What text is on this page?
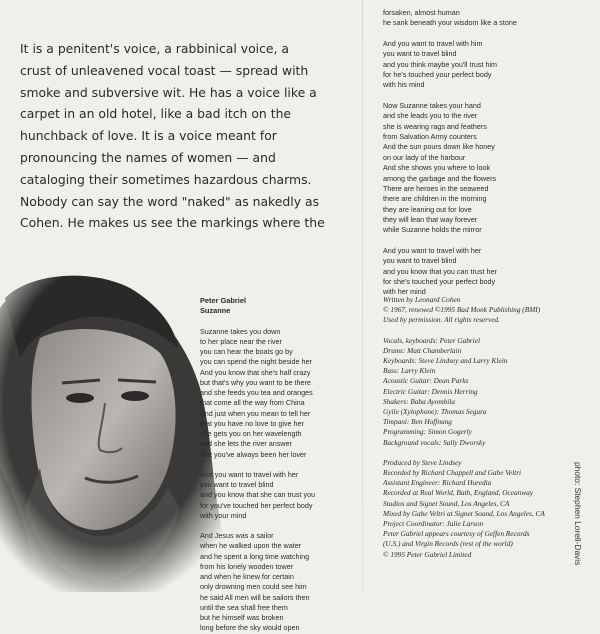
It is a penitent's voice, a rabbinical voice, a
crust of unleavened vocal toast — spread with
smoke and subversive wit. He has a voice like a
carpet in an old hotel, like a bad itch on the
hunchback of love. It is a voice meant for
pronouncing the names of women — and
cataloging their sometimes hazardous charms.
Nobody can say the word "naked" as nakedly as
Cohen. He makes us see the markings where the
Peter Gabriel
Suzanne
Suzanne takes you down
to her place near the river
you can hear the boats go by
you can spend the night beside her
And you know that she's half crazy
but that's why you want to be there
and she feeds you tea and oranges
that come all the way from China
And just when you mean to tell her
that you have no love to give her
she gets you on her wavelength
and she lets the river answer
that you've always been her lover
And you want to travel with her
you want to travel blind
and you know that she can trust you
for you've touched her perfect body
with your mind
And Jesus was a sailor
when he walked upon the water
and he spent a long time watching
from his lonely wooden tower
and when he knew for certain
only drowning men could see him
he said All men will be sailors then
until the sea shall free them
but he himself was broken
long before the sky would open
forsaken, almost human
he sank beneath your wisdom like a stone
And you want to travel with him
you want to travel blind
and you think maybe you'll trust him
for he's touched your perfect body
with his mind
Now Suzanne takes your hand
and she leads you to the river
she is wearing rags and feathers
from Salvation Army counters
And the sun pours down like honey
on our lady of the harbour
And she shows you where to look
among the garbage and the flowers
There are heroes in the seaweed
there are children in the morning
they are leaning out for love
they will lean that way forever
while Suzanne holds the mirror
And you want to travel with her
you want to travel blind
and you know that you can trust her
for she's touched your perfect body
with her mind
Written by Leonard Cohen
© 1967, renewed ©1995 Bad Monk Publishing (BMI)
Used by permission. All rights reserved.
Vocals, keyboards: Peter Gabriel
Drums: Matt Chamberlain
Keyboards: Steve Lindsey and Larry Klein
Bass: Larry Klein
Acoustic Guitar: Dean Parks
Electric Guitar: Dennis Herring
Shakers: Baba Ayombila
Gyile (Xylophone): Thomas Segura
Timpani: Ben Hoffnung
Programming: Simon Gogerly
Background vocals: Sally Dworsky
Produced by Steve Lindsey
Recorded by Richard Chappell and Gabe Veltri
Assistant Engineer: Richard Huredia
Recorded at Real World, Bath, England, Oceanway
Studios and Signet Sound, Los Angeles, CA
Mixed by Gabe Veltri at Signet Sound, Los Angeles, CA
Project Coordinator: Julie Larson
Peter Gabriel appears courtesy of Geffen Records
(U.S.) and Virgin Records (rest of the world)
© 1995 Peter Gabriel Limited	photo: Stephen Lorell-Davis
